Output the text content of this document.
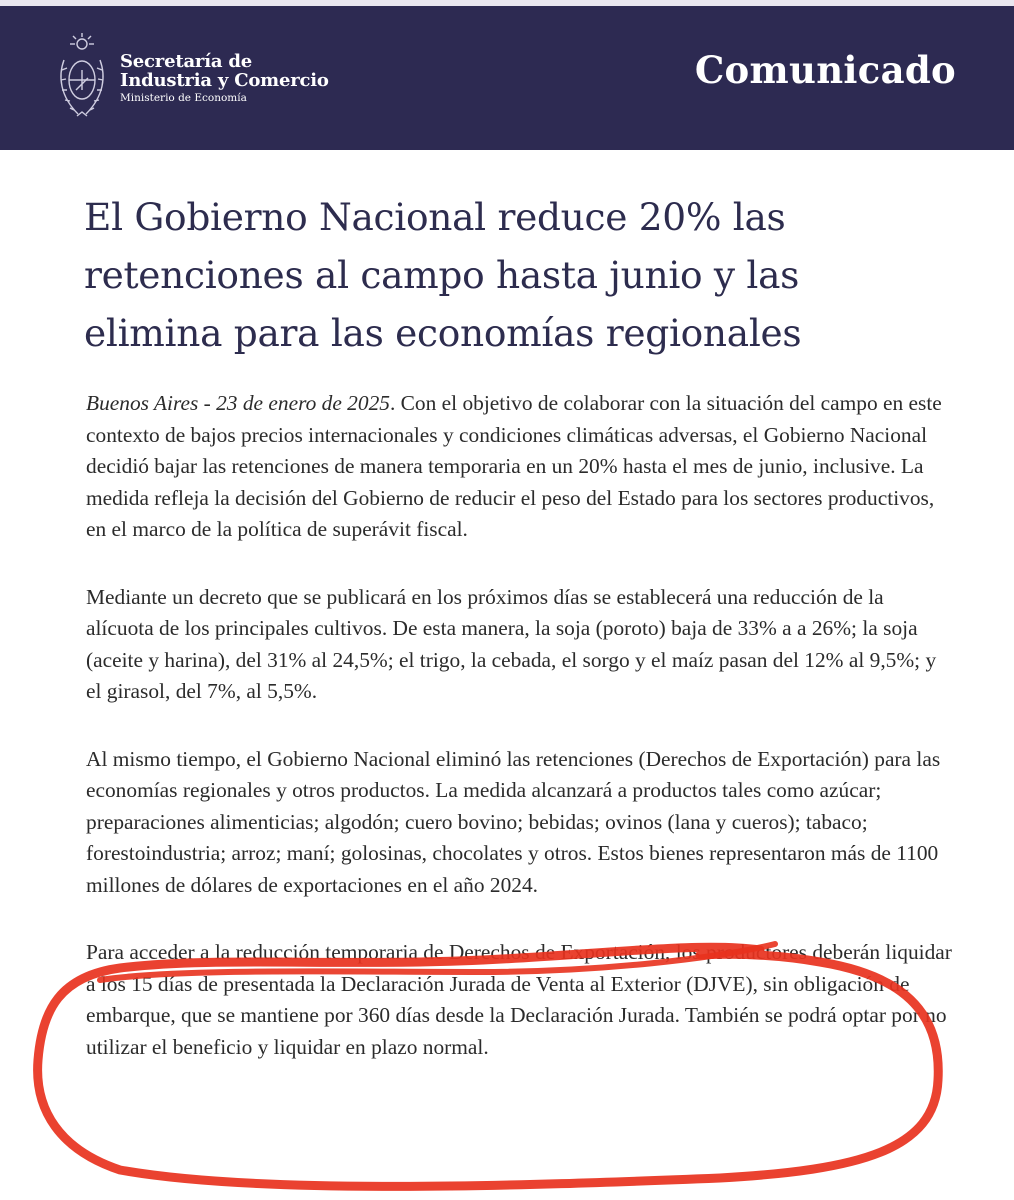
Secretaría de
Industria y Comercio
Ministerio de Economía
Comunicado
El Gobierno Nacional reduce 20% las retenciones al campo hasta junio y las elimina para las economías regionales

Buenos Aires - 23 de enero de 2025. Con el objetivo de colaborar con la situación del campo en este contexto de bajos precios internacionales y condiciones climáticas adversas, el Gobierno Nacional decidió bajar las retenciones de manera temporaria en un 20% hasta el mes de junio, inclusive. La medida refleja la decisión del Gobierno de reducir el peso del Estado para los sectores productivos, en el marco de la política de superávit fiscal.

Mediante un decreto que se publicará en los próximos días se establecerá una reducción de la alícuota de los principales cultivos. De esta manera, la soja (poroto) baja de 33% a a 26%; la soja (aceite y harina), del 31% al 24,5%; el trigo, la cebada, el sorgo y el maíz pasan del 12% al 9,5%; y el girasol, del 7%, al 5,5%.

Al mismo tiempo, el Gobierno Nacional eliminó las retenciones (Derechos de Exportación) para las economías regionales y otros productos. La medida alcanzará a productos tales como azúcar; preparaciones alimenticias; algodón; cuero bovino; bebidas; ovinos (lana y cueros); tabaco; forestoindustria; arroz; maní; golosinas, chocolates y otros. Estos bienes representaron más de 1100 millones de dólares de exportaciones en el año 2024.

Para acceder a la reducción temporaria de Derechos de Exportación, los productores deberán liquidar a los 15 días de presentada la Declaración Jurada de Venta al Exterior (DJVE), sin obligación de embarque, que se mantiene por 360 días desde la Declaración Jurada. También se podrá optar por no utilizar el beneficio y liquidar en plazo normal.
